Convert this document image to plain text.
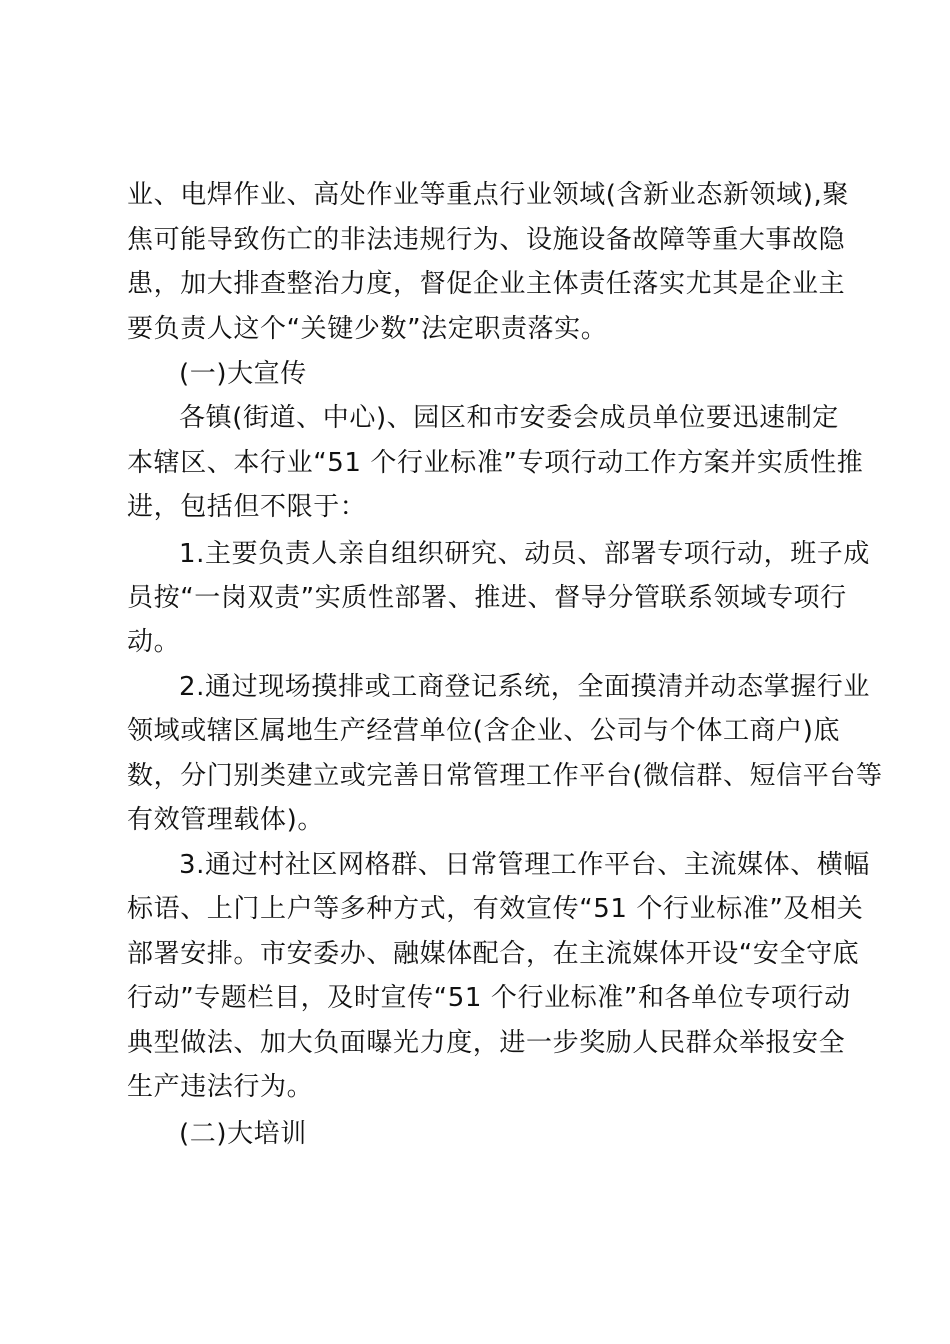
业、电焊作业、高处作业等重点行业领域(含新业态新领域),聚
焦可能导致伤亡的非法违规行为、设施设备故障等重大事故隐
患，加大排查整治力度，督促企业主体责任落实尤其是企业主
要负责人这个“关键少数”法定职责落实。
(一)大宣传
各镇(街道、中心)、园区和市安委会成员单位要迅速制定
本辖区、本行业“51 个行业标准”专项行动工作方案并实质性推
进，包括但不限于：
1.主要负责人亲自组织研究、动员、部署专项行动，班子成
员按“一岗双责”实质性部署、推进、督导分管联系领域专项行
动。
2.通过现场摸排或工商登记系统，全面摸清并动态掌握行业
领域或辖区属地生产经营单位(含企业、公司与个体工商户)底
数，分门别类建立或完善日常管理工作平台(微信群、短信平台等
有效管理载体)。
3.通过村社区网格群、日常管理工作平台、主流媒体、横幅
标语、上门上户等多种方式，有效宣传“51 个行业标准”及相关
部署安排。市安委办、融媒体配合，在主流媒体开设“安全守底
行动”专题栏目，及时宣传“51 个行业标准”和各单位专项行动
典型做法、加大负面曝光力度，进一步奖励人民群众举报安全
生产违法行为。
(二)大培训
